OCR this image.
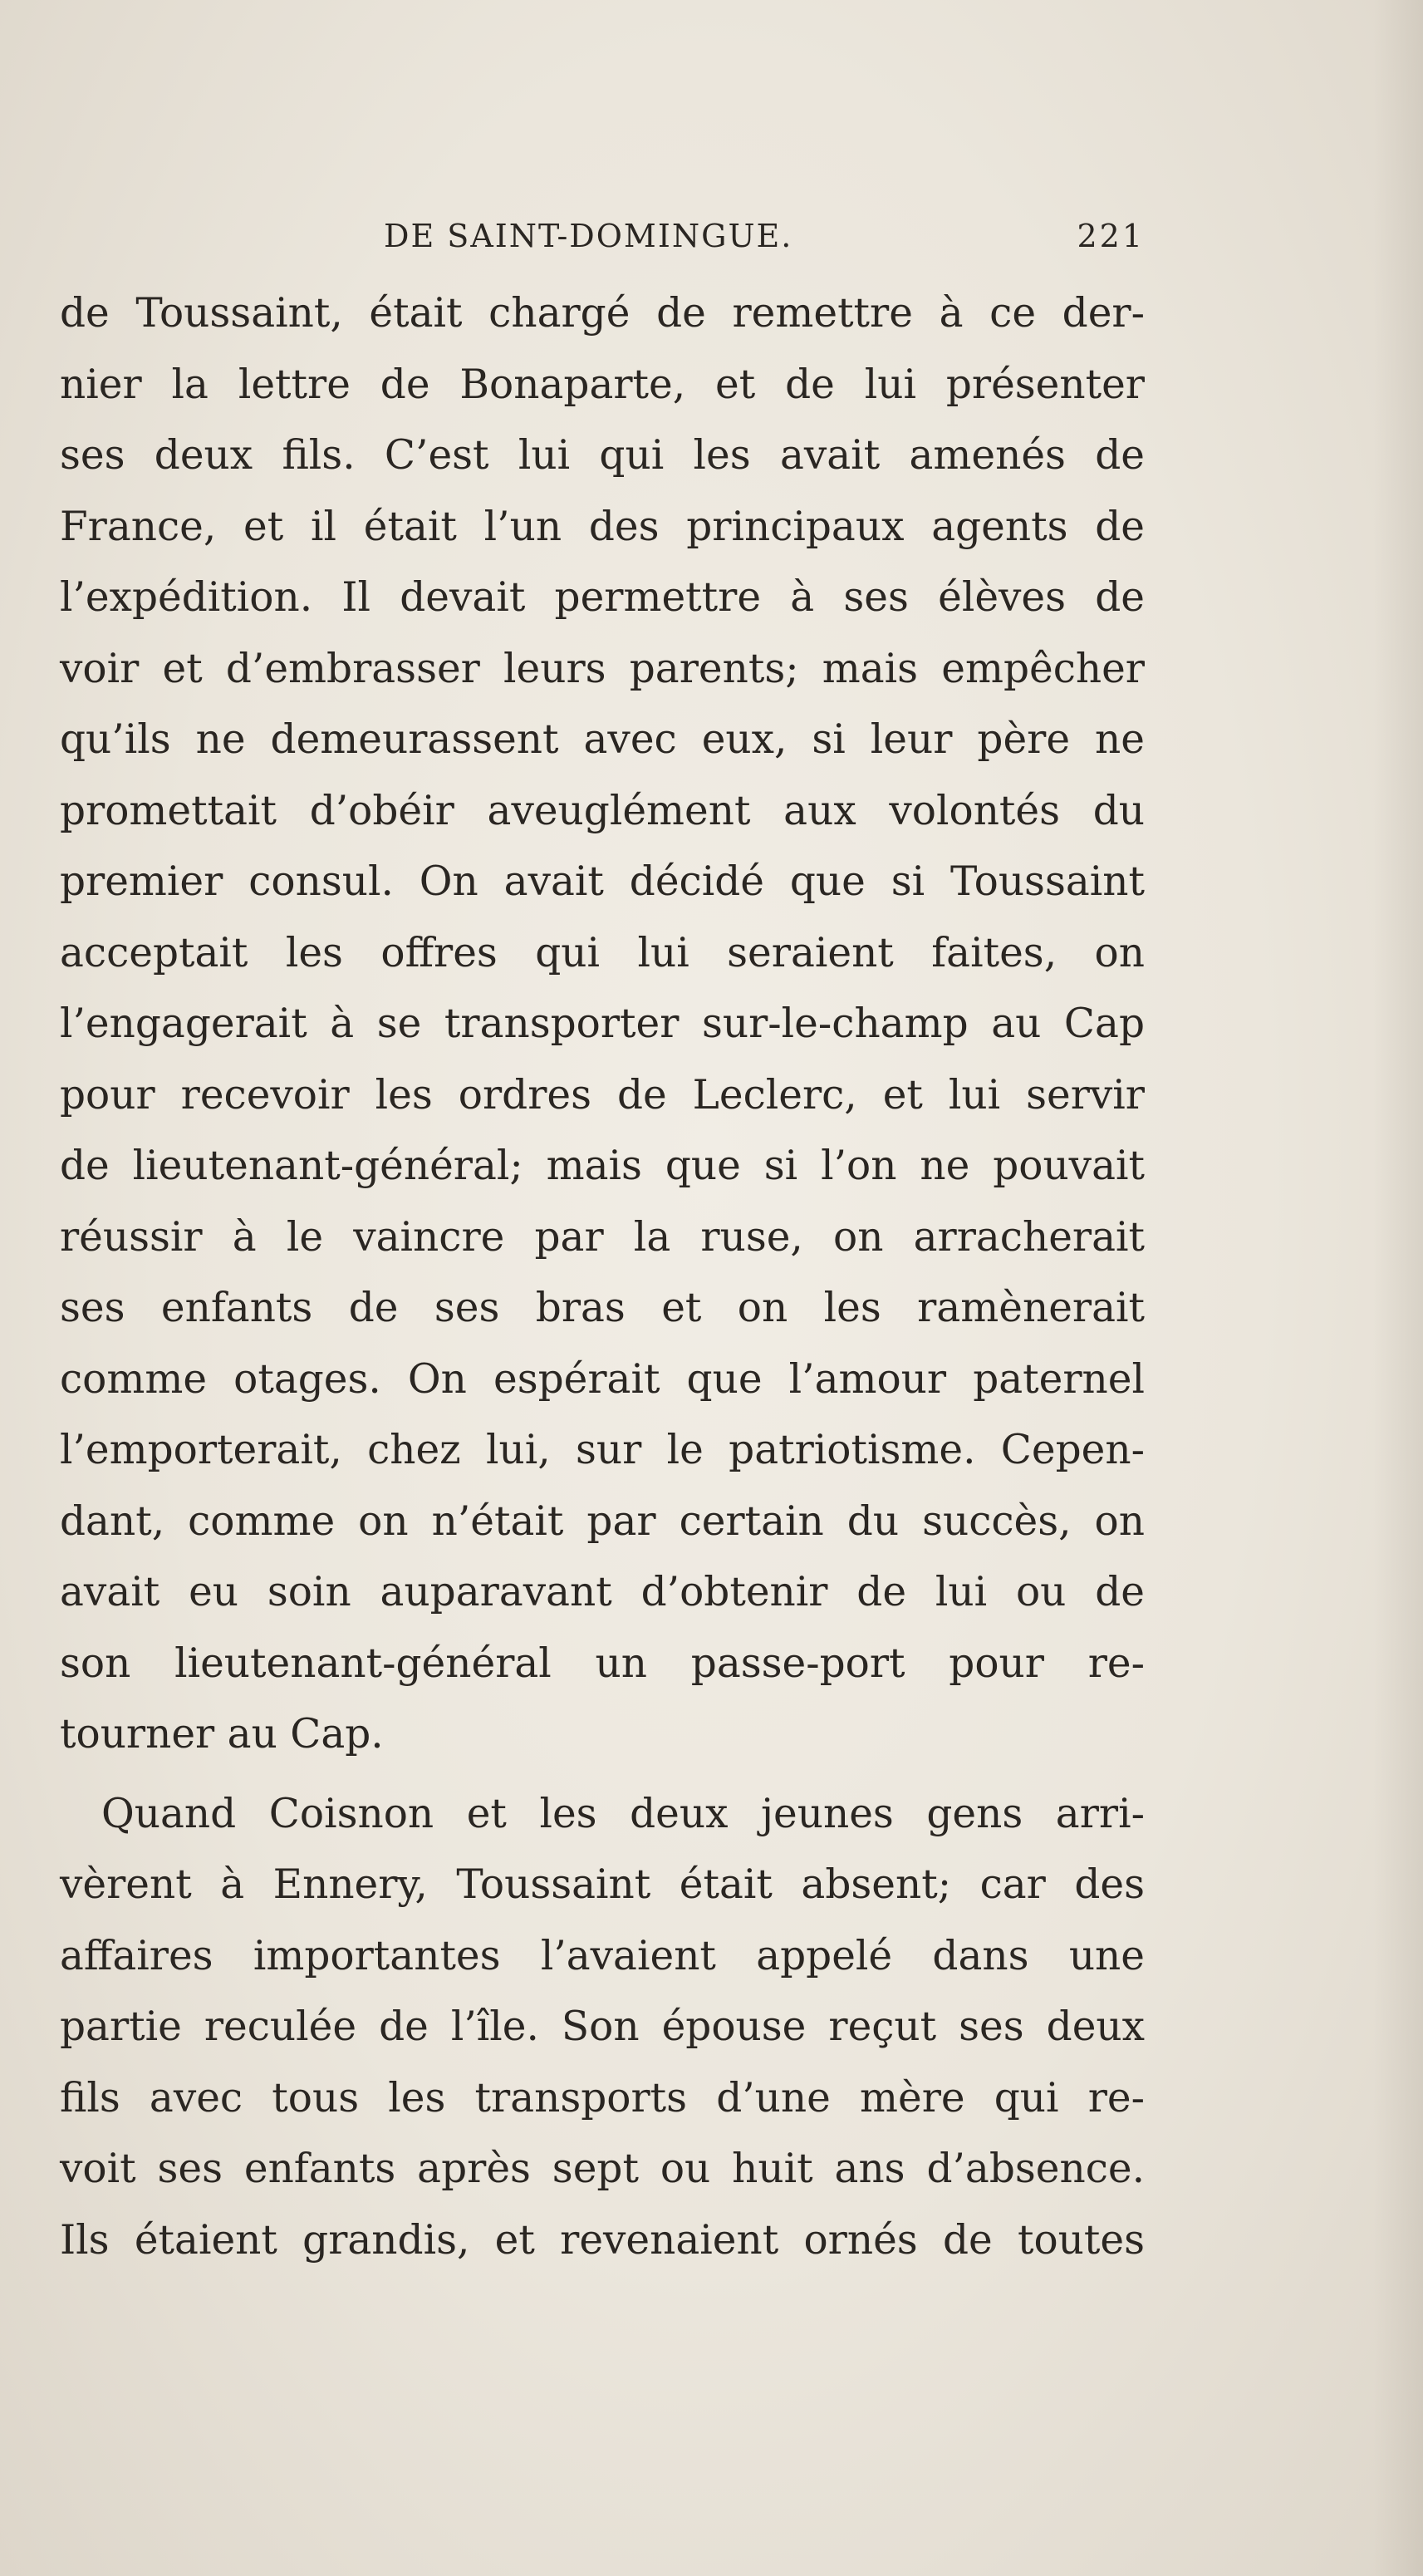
DE SAINT-DOMINGUE.	221
de Toussaint, était chargé de remettre à ce der-
nier la lettre de Bonaparte, et de lui présenter
ses deux fils. C’est lui qui les avait amenés de
France, et il était l’un des principaux agents de
l’expédition. Il devait permettre à ses élèves de
voir et d’embrasser leurs parents; mais empêcher
qu’ils ne demeurassent avec eux, si leur père ne
promettait d’obéir aveuglément aux volontés du
premier consul. On avait décidé que si Toussaint
acceptait les offres qui lui seraient faites, on
l’engagerait à se transporter sur-le-champ au Cap
pour recevoir les ordres de Leclerc, et lui servir
de lieutenant-général; mais que si l’on ne pouvait
réussir à le vaincre par la ruse, on arracherait
ses enfants de ses bras et on les ramènerait
comme otages. On espérait que l’amour paternel
l’emporterait, chez lui, sur le patriotisme. Cepen-
dant, comme on n’était par certain du succès, on
avait eu soin auparavant d’obtenir de lui ou de
son lieutenant-général un passe-port pour re-
tourner au Cap.
Quand Coisnon et les deux jeunes gens arri-
vèrent à Ennery, Toussaint était absent; car des
affaires importantes l’avaient appelé dans une
partie reculée de l’île. Son épouse reçut ses deux
fils avec tous les transports d’une mère qui re-
voit ses enfants après sept ou huit ans d’absence.
Ils étaient grandis, et revenaient ornés de toutes
